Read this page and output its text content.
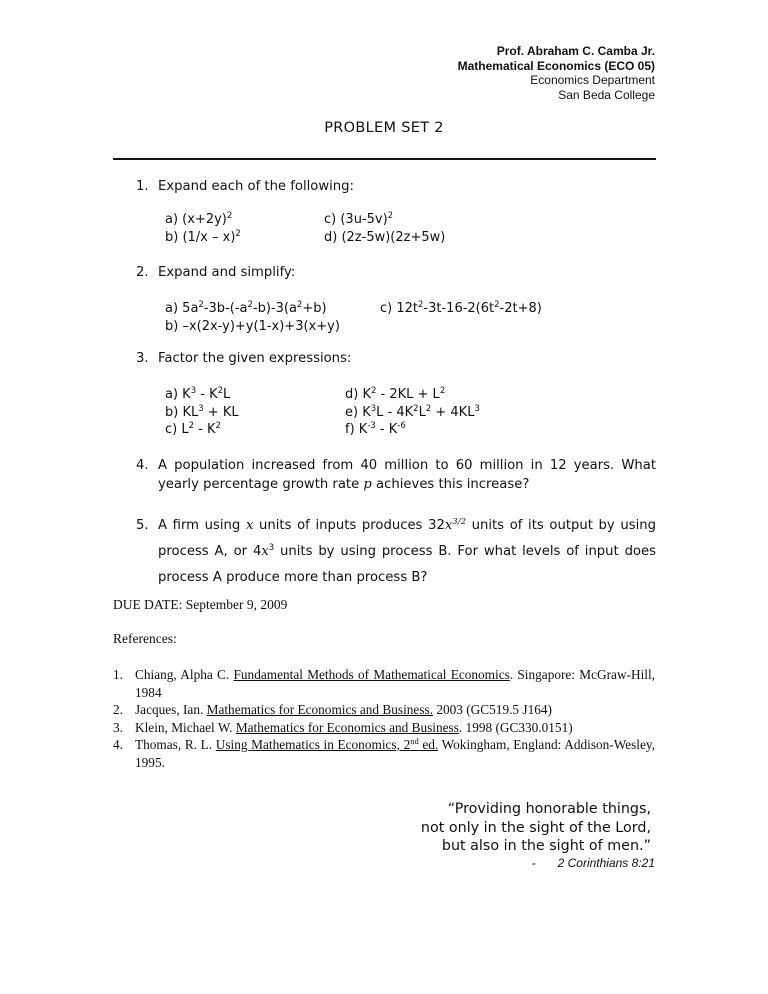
Prof. Abraham C. Camba Jr.
Mathematical Economics (ECO 05)
Economics Department
San Beda College
PROBLEM SET 2
1. Expand each of the following:
a) $(x+2y)^2$
b) (1/x – x)$^2$
c) $(3u-5v)^2$
d) (2z-5w)(2z+5w)
2. Expand and simplify:
a) $5a^2-3b-(-a^2-b)-3(a^2+b)$
b) –x(2x-y)+y(1-x)+3(x+y)
c) $12t^2-3t-16-2(6t^2-2t+8)$
3. Factor the given expressions:
a) $K^3 - K^2L$
b) $KL^3$ + KL
c) $L^2 - K^2$
d) $K^2 - 2KL + L^2$
e) $K^3L - 4K^2L^2 + 4KL^3$
f) $K^{-3} - K^{-6}$
4. A population increased from 40 million to 60 million in 12 years. What yearly percentage growth rate p achieves this increase?
5. A firm using x units of inputs produces $32x^{3/2}$ units of its output by using process A, or $4x^3$ units by using process B. For what levels of input does process A produce more than process B?
DUE DATE: September 9, 2009
References:
1. Chiang, Alpha C. Fundamental Methods of Mathematical Economics. Singapore: McGraw-Hill, 1984
2. Jacques, Ian. Mathematics for Economics and Business. 2003 (GC519.5 J164)
3. Klein, Michael W. Mathematics for Economics and Business. 1998 (GC330.0151)
4. Thomas, R. L. Using Mathematics in Economics, 2nd ed. Wokingham, England: Addison-Wesley, 1995.
“Providing honorable things,
not only in the sight of the Lord,
but also in the sight of men.”
- 2 Corinthians 8:21
